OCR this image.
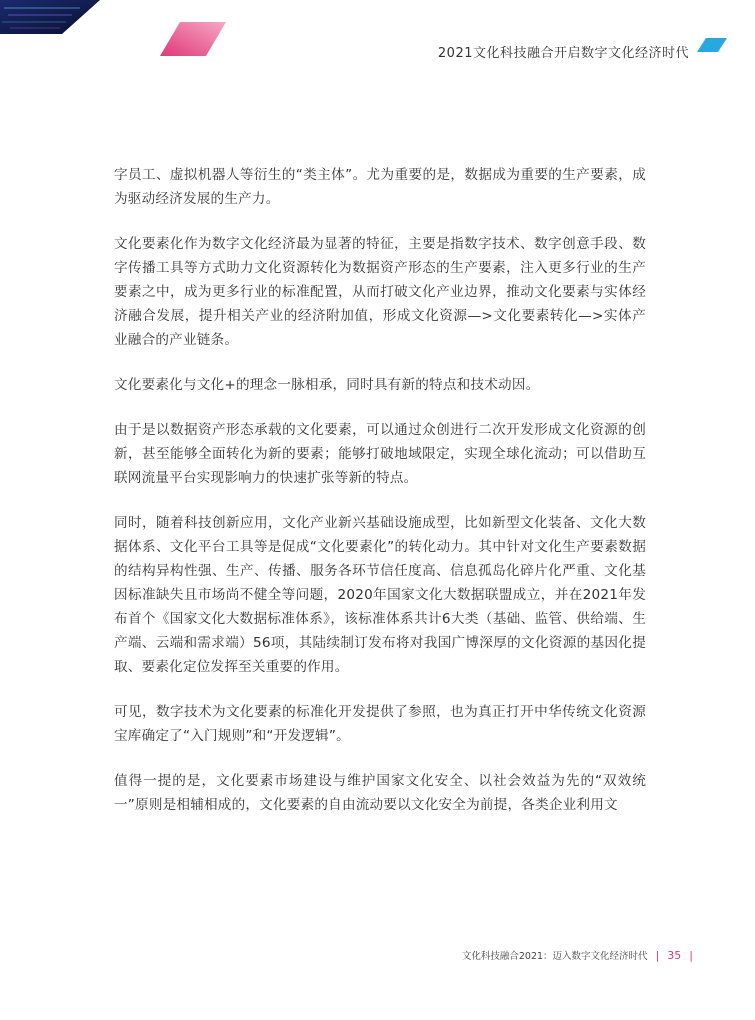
2021文化科技融合开启数字文化经济时代

字员工、虚拟机器人等衍生的“类主体”。尤为重要的是，数据成为重要的生产要素，成为驱动经济发展的生产力。

文化要素化作为数字文化经济最为显著的特征，主要是指数字技术、数字创意手段、数字传播工具等方式助力文化资源转化为数据资产形态的生产要素，注入更多行业的生产要素之中，成为更多行业的标准配置，从而打破文化产业边界，推动文化要素与实体经济融合发展，提升相关产业的经济附加值，形成文化资源—>文化要素转化—>实体产业融合的产业链条。

文化要素化与文化+的理念一脉相承，同时具有新的特点和技术动因。

由于是以数据资产形态承载的文化要素，可以通过众创进行二次开发形成文化资源的创新，甚至能够全面转化为新的要素；能够打破地域限定，实现全球化流动；可以借助互联网流量平台实现影响力的快速扩张等新的特点。

同时，随着科技创新应用，文化产业新兴基础设施成型，比如新型文化装备、文化大数据体系、文化平台工具等是促成“文化要素化”的转化动力。其中针对文化生产要素数据的结构异构性强、生产、传播、服务各环节信任度高、信息孤岛化碎片化严重、文化基因标准缺失且市场尚不健全等问题，2020年国家文化大数据联盟成立，并在2021年发布首个《国家文化大数据标准体系》，该标准体系共计6大类（基础、监管、供给端、生产端、云端和需求端）56项，其陆续制订发布将对我国广博深厚的文化资源的基因化提取、要素化定位发挥至关重要的作用。

可见，数字技术为文化要素的标准化开发提供了参照，也为真正打开中华传统文化资源宝库确定了“入门规则”和“开发逻辑”。

值得一提的是，文化要素市场建设与维护国家文化安全、以社会效益为先的“双效统一”原则是相辅相成的，文化要素的自由流动要以文化安全为前提，各类企业利用文

文化科技融合2021：迈入数字文化经济时代 | 35 |
